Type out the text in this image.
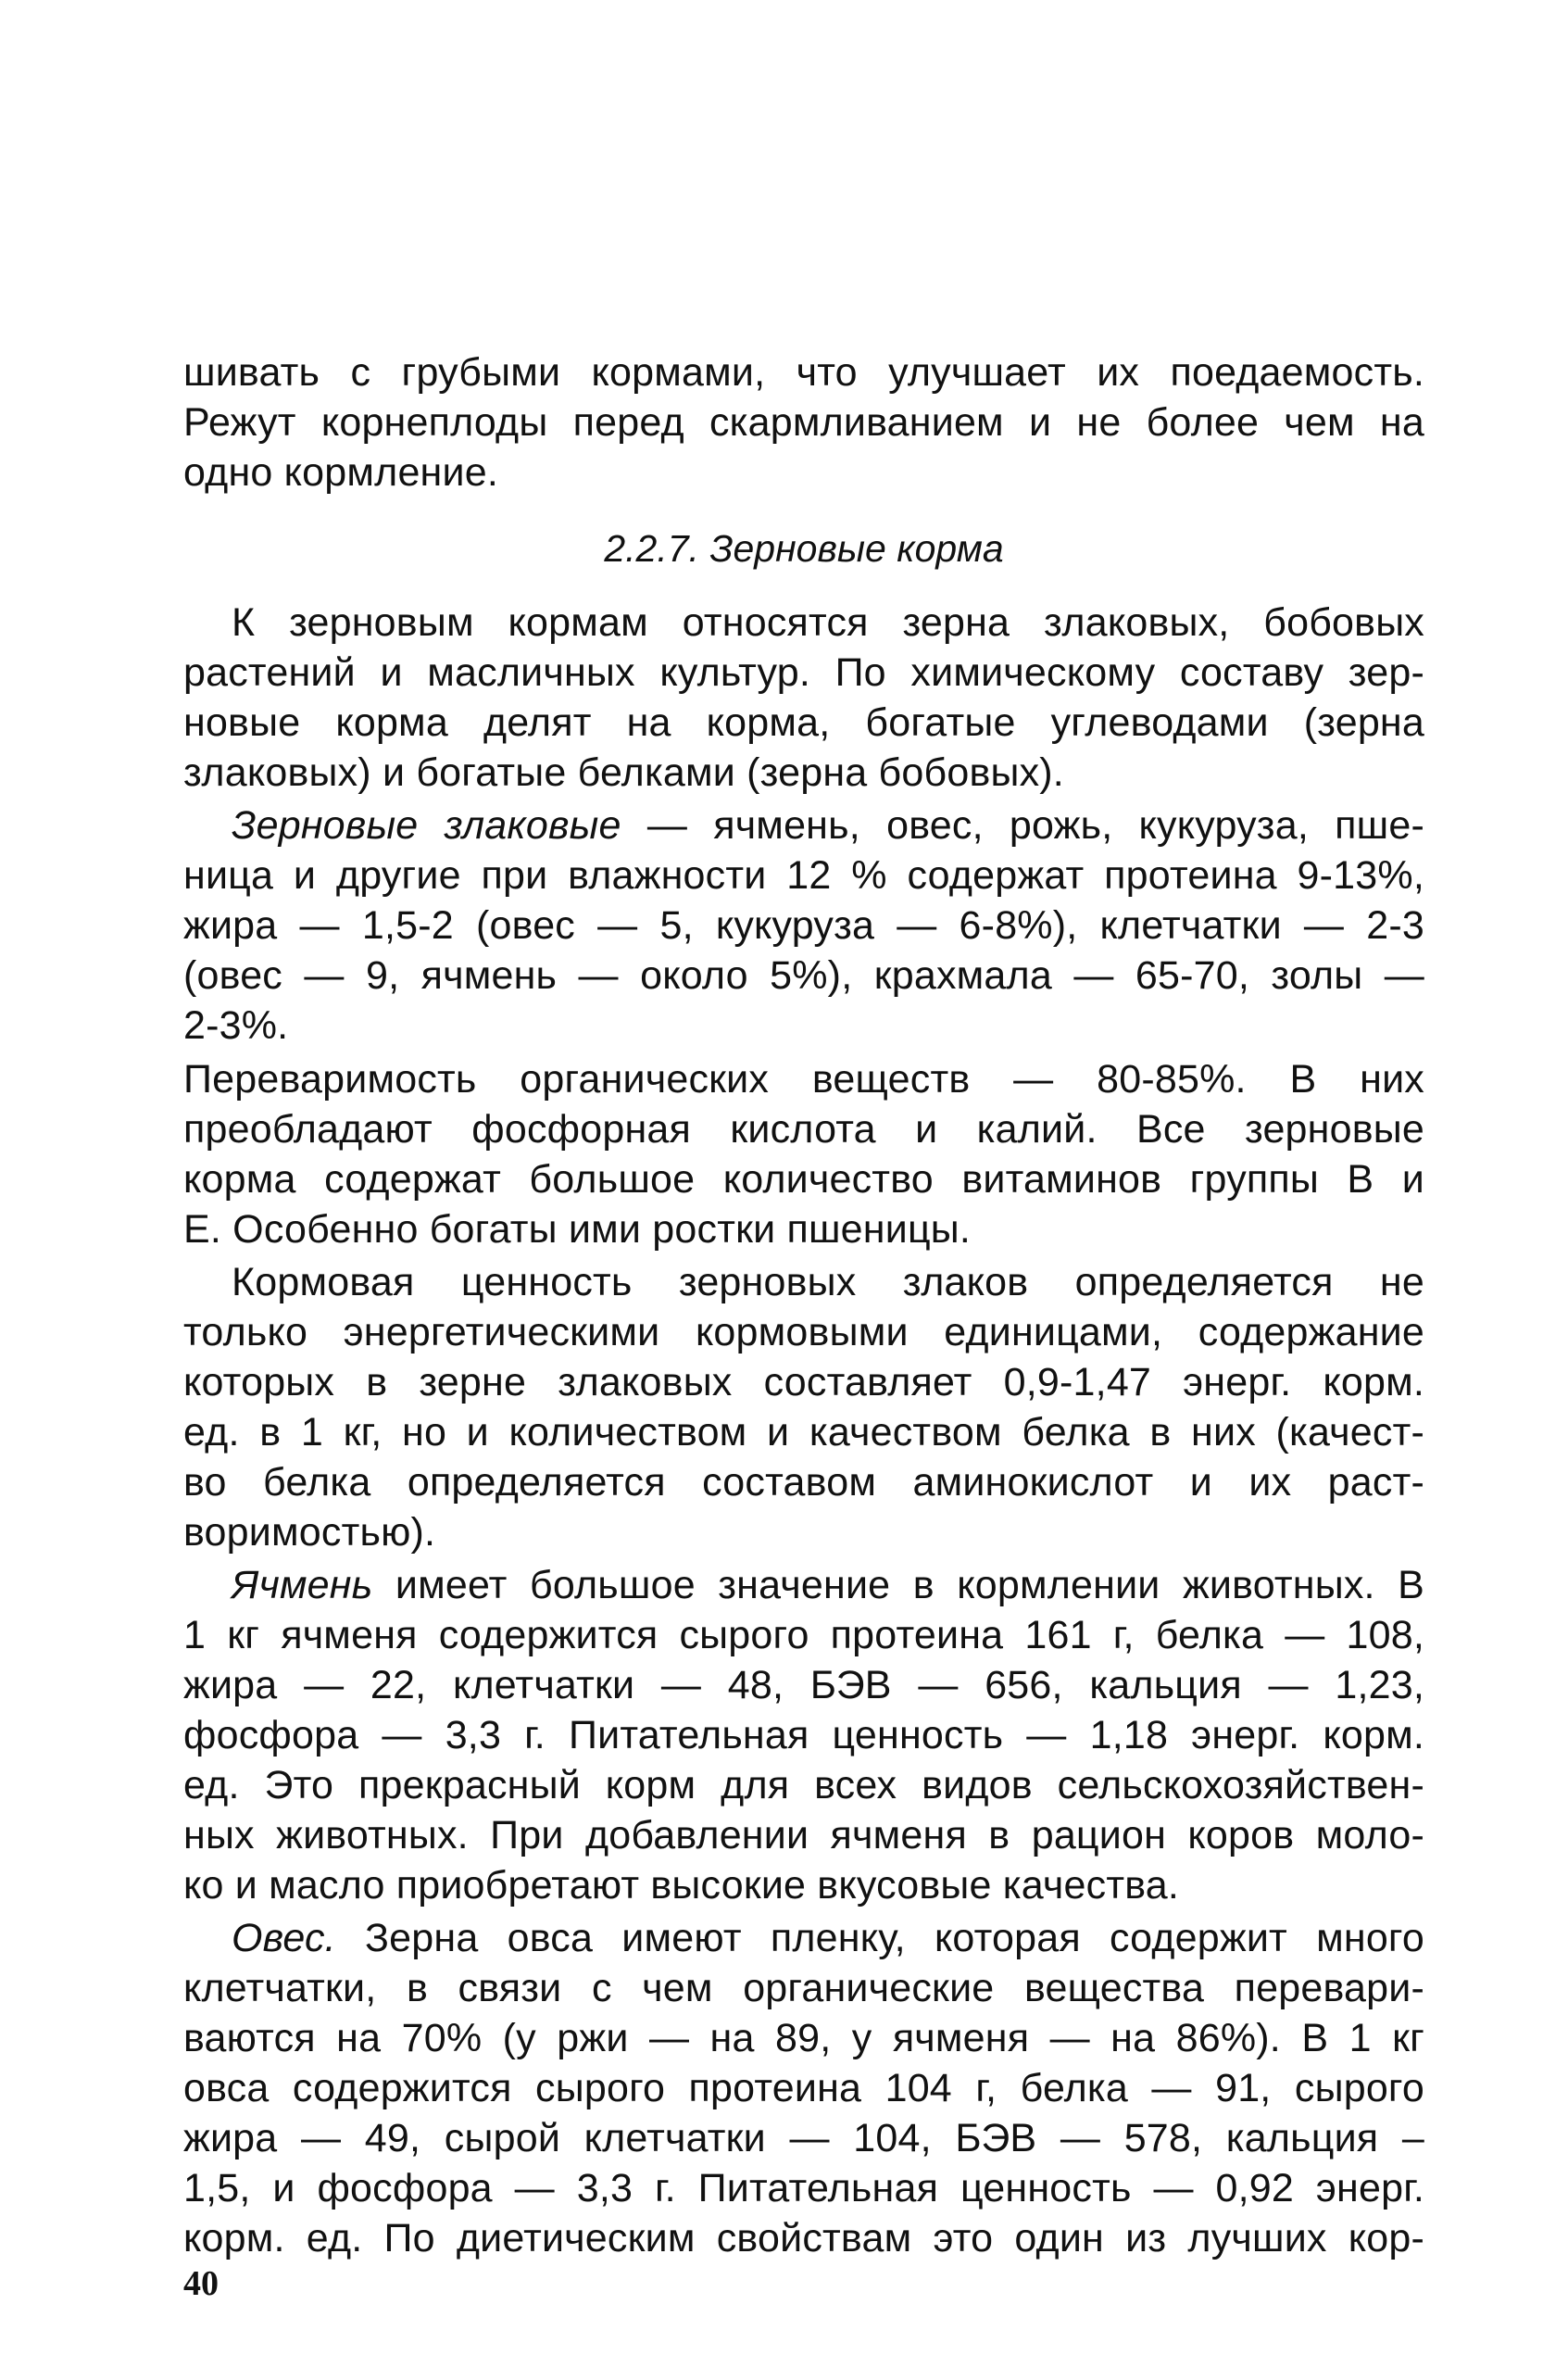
шивать с грубыми кормами, что улучшает их поедаемость.
Режут корнеплоды перед скармливанием и не более чем на
одно кормление.
2.2.7. Зерновые корма
К зерновым кормам относятся зерна злаковых, бобовых
растений и масличных культур. По химическому составу зер-
новые корма делят на корма, богатые углеводами (зерна
злаковых) и богатые белками (зерна бобовых).
Зерновые злаковые — ячмень, овес, рожь, кукуруза, пше-
ница и другие при влажности 12 % содержат протеина 9-13%,
жира — 1,5-2 (овес — 5, кукуруза — 6-8%), клетчатки — 2-3
(овес — 9, ячмень — около 5%), крахмала — 65-70, золы —
2-3%.
Переваримость органических веществ — 80-85%. В них
преобладают фосфорная кислота и калий. Все зерновые
корма содержат большое количество витаминов группы В и
Е. Особенно богаты ими ростки пшеницы.
Кормовая ценность зерновых злаков определяется не
только энергетическими кормовыми единицами, содержание
которых в зерне злаковых составляет 0,9-1,47 энерг. корм.
ед. в 1 кг, но и количеством и качеством белка в них (качест-
во белка определяется составом аминокислот и их раст-
воримостью).
Ячмень имеет большое значение в кормлении животных. В
1 кг ячменя содержится сырого протеина 161 г, белка — 108,
жира — 22, клетчатки — 48, БЭВ — 656, кальция — 1,23,
фосфора — 3,3 г. Питательная ценность — 1,18 энерг. корм.
ед. Это прекрасный корм для всех видов сельскохозяйствен-
ных животных. При добавлении ячменя в рацион коров моло-
ко и масло приобретают высокие вкусовые качества.
Овес. Зерна овса имеют пленку, которая содержит много
клетчатки, в связи с чем органические вещества перевари-
ваются на 70% (у ржи — на 89, у ячменя — на 86%). В 1 кг
овса содержится сырого протеина 104 г, белка — 91, сырого
жира — 49, сырой клетчатки — 104, БЭВ — 578, кальция –
1,5, и фосфора — 3,3 г. Питательная ценность — 0,92 энерг.
корм. ед. По диетическим свойствам это один из лучших кор-
40
